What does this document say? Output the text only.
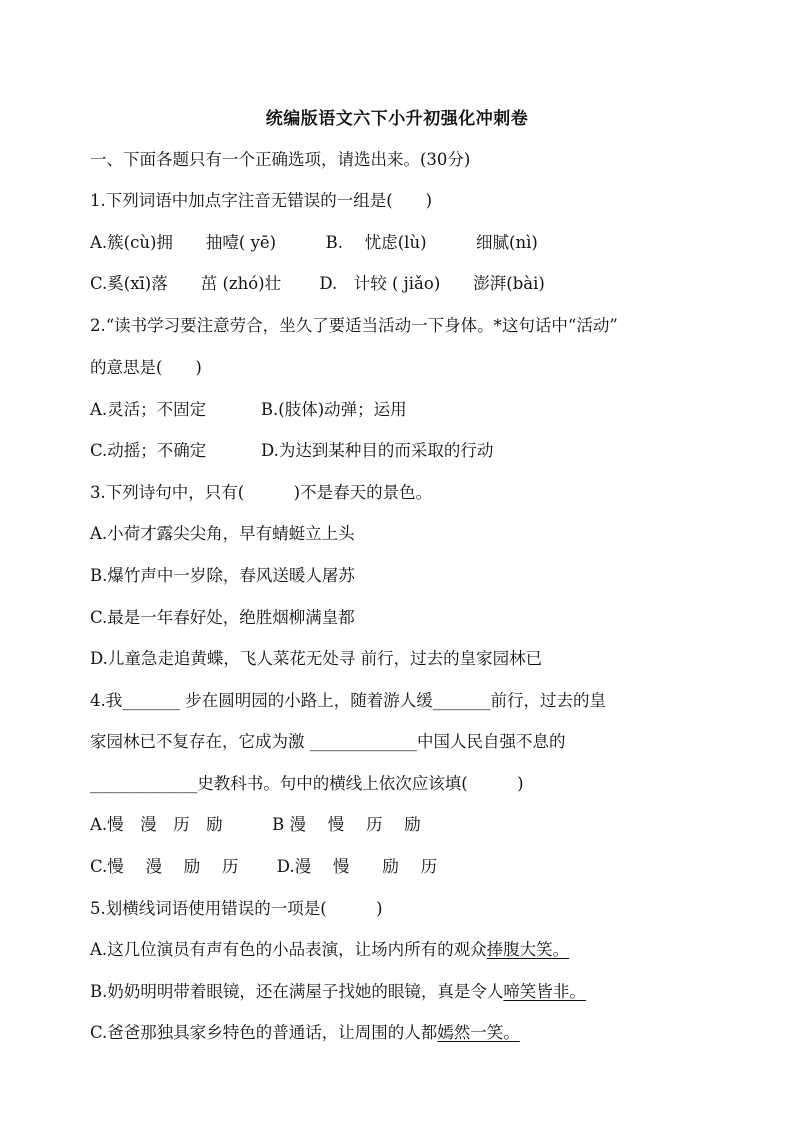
统编版语文六下小升初强化冲刺卷
一、下面各题只有一个正确选项，请选出来。(30分)
1.下列词语中加点字注音无错误的一组是(　　)
A.簇(cù)拥　　抽噎( yē)　　　B.　 忧虑(lù)　　　细腻(nì)
C.奚(xī)落　　茁 (zhó)壮　　 D.　计较 ( jiǎo)　　澎湃(bài)
2.“读书学习要注意劳合，坐久了要适当活动一下身体。*这句话中“活动”
的意思是(　　)
A.灵活；不固定　　　 B.(肢体)动弹；运用
C.动摇；不确定　　　 D.为达到某种目的而采取的行动
3.下列诗句中，只有(　　　)不是春天的景色。
A.小荷才露尖尖角，早有蜻蜓立上头
B.爆竹声中一岁除，春风送暖人屠苏
C.最是一年春好处，绝胜烟柳满皇都
D.儿童急走追黄蝶，飞人菜花无处寻 前行，过去的皇家园林已
4.我_______ 步在圆明园的小路上，随着游人缓_______前行，过去的皇
家园林已不复存在，它成为激 _____________中国人民自强不息的
_____________史教科书。句中的横线上依次应该填(　　　)
A.慢　漫　历　励　　　B 漫　 慢　 历　 励
C.慢　 漫　 励　 历　　 D.漫　 慢　　励　 历
5.划横线词语使用错误的一项是(　　　)
A.这几位演员有声有色的小品表演，让场内所有的观众捧腹大笑。
B.奶奶明明带着眼镜，还在满屋子找她的眼镜，真是令人啼笑皆非。
C.爸爸那独具家乡特色的普通话，让周围的人都嫣然一笑。
